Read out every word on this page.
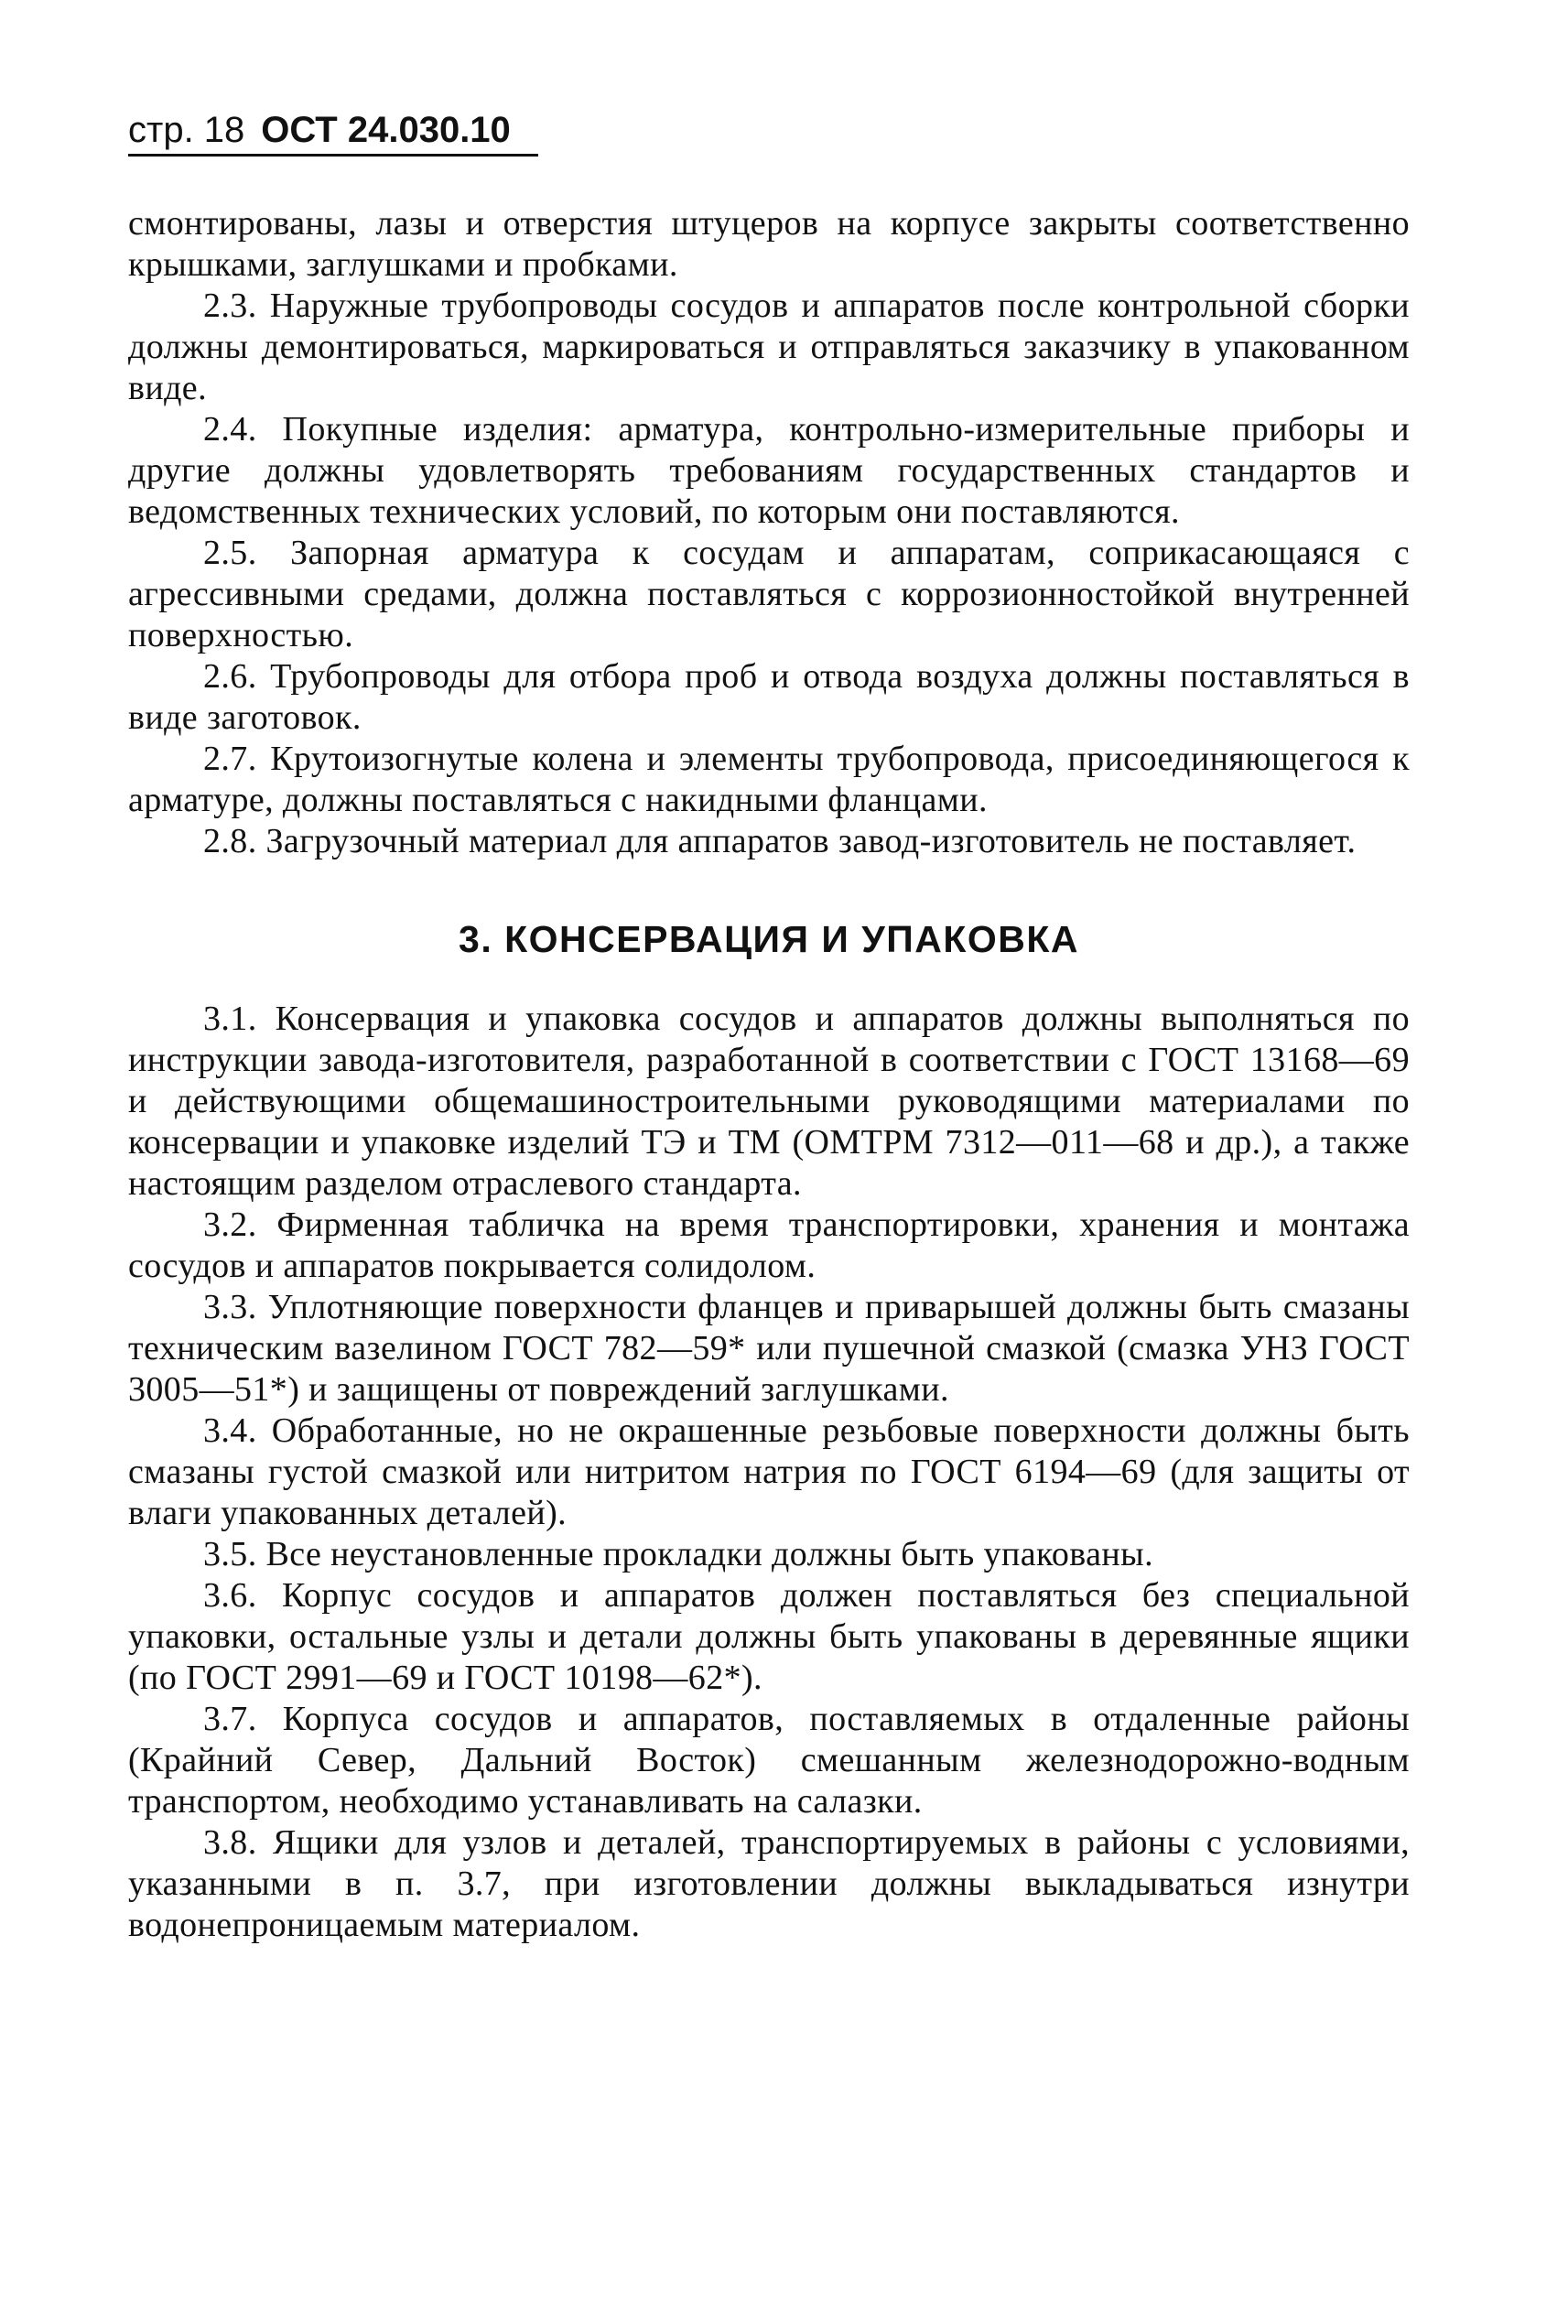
стр. 18 ОСТ 24.030.10

смонтированы, лазы и отверстия штуцеров на корпусе закрыты соответственно крышками, заглушками и пробками.

2.3. Наружные трубопроводы сосудов и аппаратов после контрольной сборки должны демонтироваться, маркироваться и отправляться заказчику в упакованном виде.

2.4. Покупные изделия: арматура, контрольно-измерительные приборы и другие должны удовлетворять требованиям государственных стандартов и ведомственных технических условий, по которым они поставляются.

2.5. Запорная арматура к сосудам и аппаратам, соприкасающаяся с агрессивными средами, должна поставляться с коррозионностойкой внутренней поверхностью.

2.6. Трубопроводы для отбора проб и отвода воздуха должны поставляться в виде заготовок.

2.7. Крутоизогнутые колена и элементы трубопровода, присоединяющегося к арматуре, должны поставляться с накидными фланцами.

2.8. Загрузочный материал для аппаратов завод-изготовитель не поставляет.

3. КОНСЕРВАЦИЯ И УПАКОВКА

3.1. Консервация и упаковка сосудов и аппаратов должны выполняться по инструкции завода-изготовителя, разработанной в соответствии с ГОСТ 13168—69 и действующими общемашиностроительными руководящими материалами по консервации и упаковке изделий ТЭ и ТМ (ОМТРМ 7312—011—68 и др.), а также настоящим разделом отраслевого стандарта.

3.2. Фирменная табличка на время транспортировки, хранения и монтажа сосудов и аппаратов покрывается солидолом.

3.3. Уплотняющие поверхности фланцев и приварышей должны быть смазаны техническим вазелином ГОСТ 782—59* или пушечной смазкой (смазка УНЗ ГОСТ 3005—51*) и защищены от повреждений заглушками.

3.4. Обработанные, но не окрашенные резьбовые поверхности должны быть смазаны густой смазкой или нитритом натрия по ГОСТ 6194—69 (для защиты от влаги упакованных деталей).

3.5. Все неустановленные прокладки должны быть упакованы.

3.6. Корпус сосудов и аппаратов должен поставляться без специальной упаковки, остальные узлы и детали должны быть упакованы в деревянные ящики (по ГОСТ 2991—69 и ГОСТ 10198—62*).

3.7. Корпуса сосудов и аппаратов, поставляемых в отдаленные районы (Крайний Север, Дальний Восток) смешанным железнодорожно-водным транспортом, необходимо устанавливать на салазки.

3.8. Ящики для узлов и деталей, транспортируемых в районы с условиями, указанными в п. 3.7, при изготовлении должны выкладываться изнутри водонепроницаемым материалом.
